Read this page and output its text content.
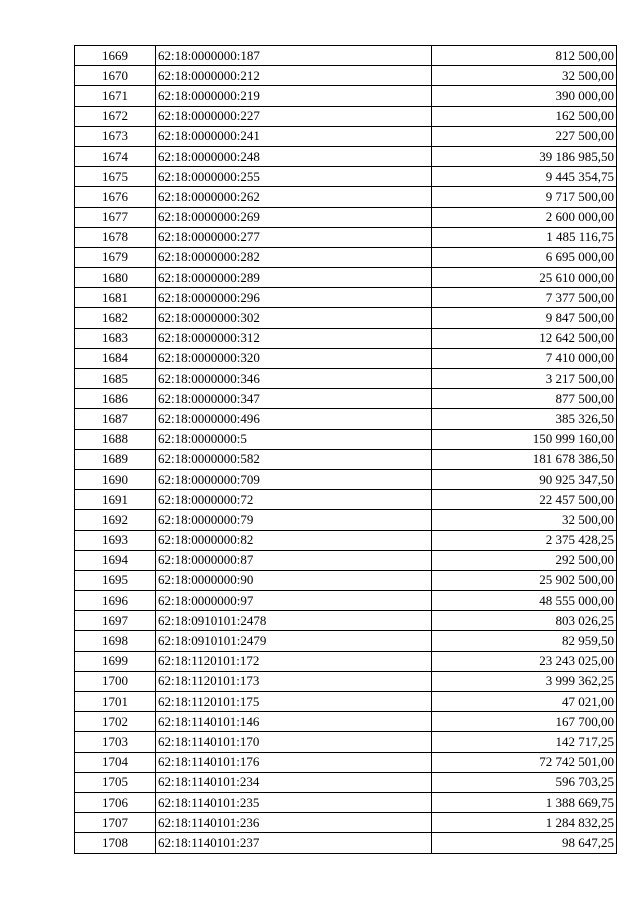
1669	62:18:0000000:187	812 500,00
1670	62:18:0000000:212	32 500,00
1671	62:18:0000000:219	390 000,00
1672	62:18:0000000:227	162 500,00
1673	62:18:0000000:241	227 500,00
1674	62:18:0000000:248	39 186 985,50
1675	62:18:0000000:255	9 445 354,75
1676	62:18:0000000:262	9 717 500,00
1677	62:18:0000000:269	2 600 000,00
1678	62:18:0000000:277	1 485 116,75
1679	62:18:0000000:282	6 695 000,00
1680	62:18:0000000:289	25 610 000,00
1681	62:18:0000000:296	7 377 500,00
1682	62:18:0000000:302	9 847 500,00
1683	62:18:0000000:312	12 642 500,00
1684	62:18:0000000:320	7 410 000,00
1685	62:18:0000000:346	3 217 500,00
1686	62:18:0000000:347	877 500,00
1687	62:18:0000000:496	385 326,50
1688	62:18:0000000:5	150 999 160,00
1689	62:18:0000000:582	181 678 386,50
1690	62:18:0000000:709	90 925 347,50
1691	62:18:0000000:72	22 457 500,00
1692	62:18:0000000:79	32 500,00
1693	62:18:0000000:82	2 375 428,25
1694	62:18:0000000:87	292 500,00
1695	62:18:0000000:90	25 902 500,00
1696	62:18:0000000:97	48 555 000,00
1697	62:18:0910101:2478	803 026,25
1698	62:18:0910101:2479	82 959,50
1699	62:18:1120101:172	23 243 025,00
1700	62:18:1120101:173	3 999 362,25
1701	62:18:1120101:175	47 021,00
1702	62:18:1140101:146	167 700,00
1703	62:18:1140101:170	142 717,25
1704	62:18:1140101:176	72 742 501,00
1705	62:18:1140101:234	596 703,25
1706	62:18:1140101:235	1 388 669,75
1707	62:18:1140101:236	1 284 832,25
1708	62:18:1140101:237	98 647,25
